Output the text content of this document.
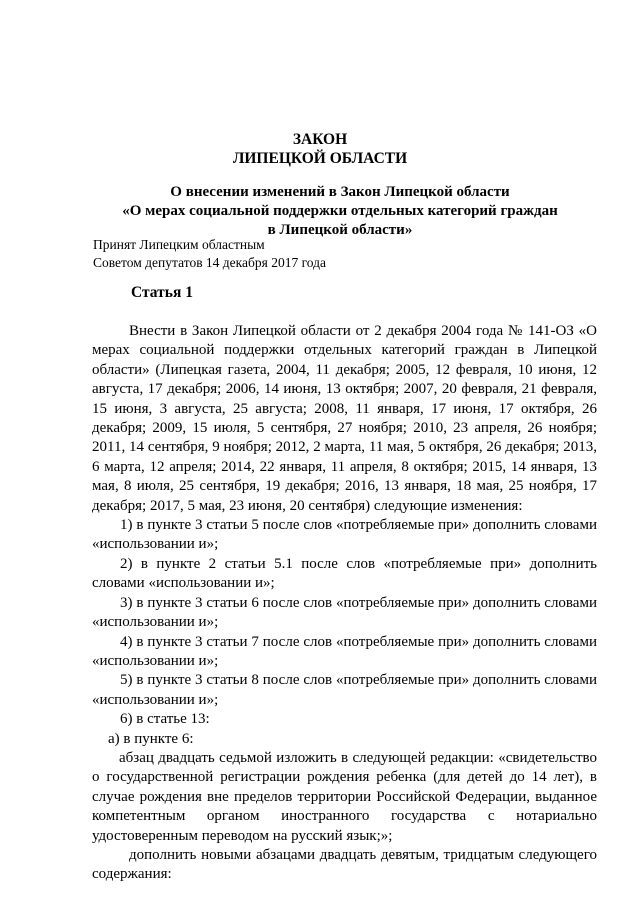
ЗАКОН
ЛИПЕЦКОЙ ОБЛАСТИ
О внесении изменений в Закон Липецкой области
«О мерах социальной поддержки отдельных категорий граждан
в Липецкой области»
Принят Липецким областным
Советом депутатов 14 декабря 2017 года
Статья 1

Внести в Закон Липецкой области от 2 декабря 2004 года № 141-ОЗ «О мерах социальной поддержки отдельных категорий граждан в Липецкой области» (Липецкая газета, 2004, 11 декабря; 2005, 12 февраля, 10 июня, 12 августа, 17 декабря; 2006, 14 июня, 13 октября; 2007, 20 февраля, 21 февраля, 15 июня, 3 августа, 25 августа; 2008, 11 января, 17 июня, 17 октября, 26 декабря; 2009, 15 июля, 5 сентября, 27 ноября; 2010, 23 апреля, 26 ноября; 2011, 14 сентября, 9 ноября; 2012, 2 марта, 11 мая, 5 октября, 26 декабря; 2013, 6 марта, 12 апреля; 2014, 22 января, 11 апреля, 8 октября; 2015, 14 января, 13 мая, 8 июля, 25 сентября, 19 декабря; 2016, 13 января, 18 мая, 25 ноября, 17 декабря; 2017, 5 мая, 23 июня, 20 сентября) следующие изменения:

1) в пункте 3 статьи 5 после слов «потребляемые при» дополнить словами «использовании и»;

2) в пункте 2 статьи 5.1 после слов «потребляемые при» дополнить словами «использовании и»;

3) в пункте 3 статьи 6 после слов «потребляемые при» дополнить словами «использовании и»;

4) в пункте 3 статьи 7 после слов «потребляемые при» дополнить словами «использовании и»;

5) в пункте 3 статьи 8 после слов «потребляемые при» дополнить словами «использовании и»;

6) в статье 13:

а) в пункте 6:

абзац двадцать седьмой изложить в следующей редакции: «свидетельство о государственной регистрации рождения ребенка (для детей до 14 лет), в случае рождения вне пределов территории Российской Федерации, выданное компетентным органом иностранного государства с нотариально удостоверенным переводом на русский язык;»;

дополнить новыми абзацами двадцать девятым, тридцатым следующего содержания:
